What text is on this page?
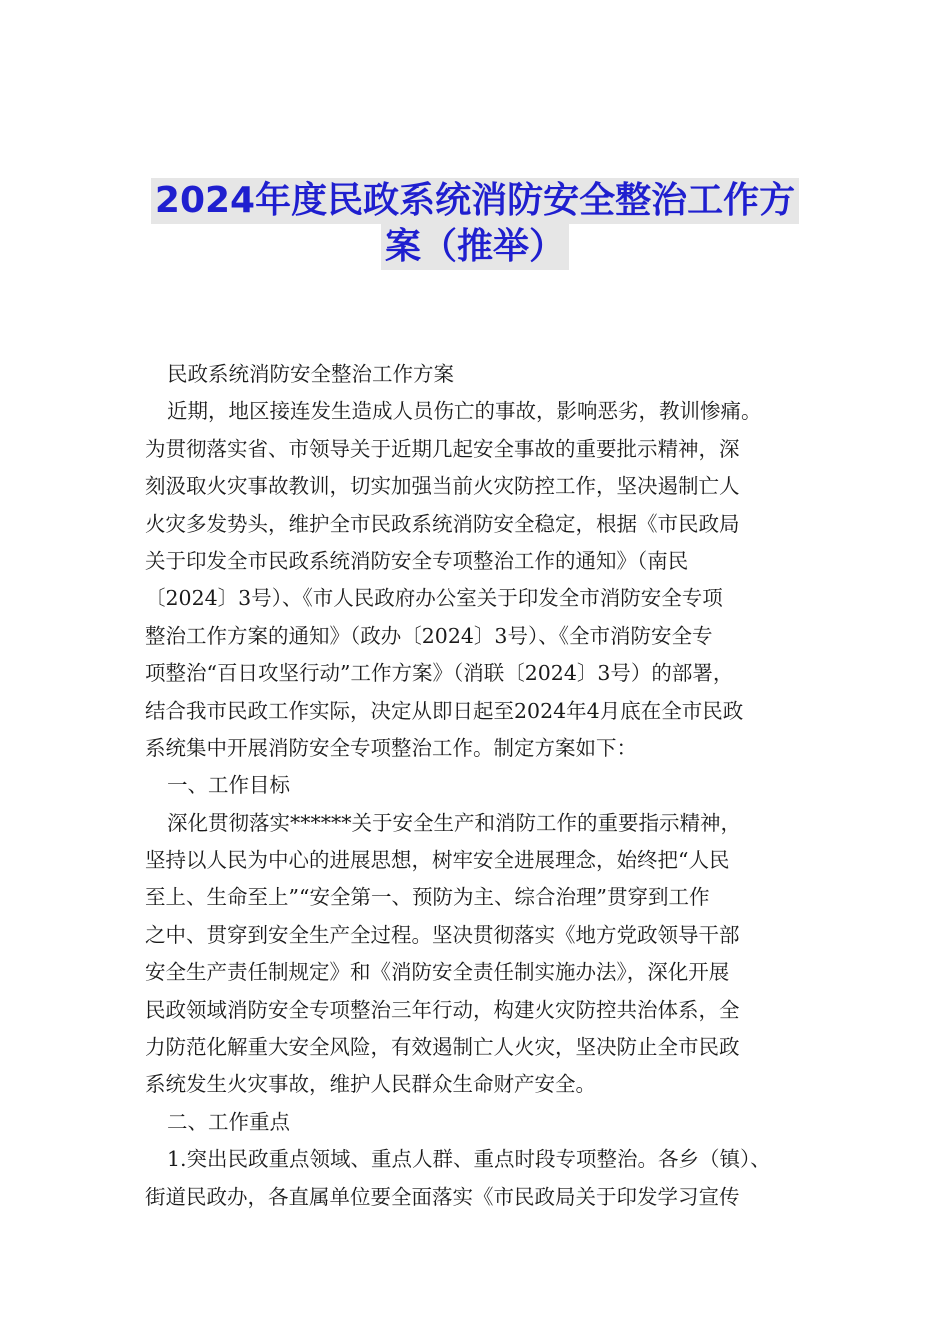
2024年度民政系统消防安全整治工作方
案（推举）
民政系统消防安全整治工作方案
近期，地区接连发生造成人员伤亡的事故，影响恶劣，教训惨痛。
为贯彻落实省、市领导关于近期几起安全事故的重要批示精神，深
刻汲取火灾事故教训，切实加强当前火灾防控工作，坚决遏制亡人
火灾多发势头，维护全市民政系统消防安全稳定，根据《市民政局
关于印发全市民政系统消防安全专项整治工作的通知》（南民
〔2024〕3号）、《市人民政府办公室关于印发全市消防安全专项
整治工作方案的通知》（政办〔2024〕3号）、《全市消防安全专
项整治“百日攻坚行动”工作方案》（消联〔2024〕3号）的部署，
结合我市民政工作实际，决定从即日起至2024年4月底在全市民政
系统集中开展消防安全专项整治工作。制定方案如下：
一、工作目标
深化贯彻落实******关于安全生产和消防工作的重要指示精神，
坚持以人民为中心的进展思想，树牢安全进展理念，始终把“人民
至上、生命至上”“安全第一、预防为主、综合治理”贯穿到工作
之中、贯穿到安全生产全过程。坚决贯彻落实《地方党政领导干部
安全生产责任制规定》和《消防安全责任制实施办法》，深化开展
民政领域消防安全专项整治三年行动，构建火灾防控共治体系，全
力防范化解重大安全风险，有效遏制亡人火灾，坚决防止全市民政
系统发生火灾事故，维护人民群众生命财产安全。
二、工作重点
1.突出民政重点领域、重点人群、重点时段专项整治。各乡（镇）、
街道民政办，各直属单位要全面落实《市民政局关于印发学习宣传
